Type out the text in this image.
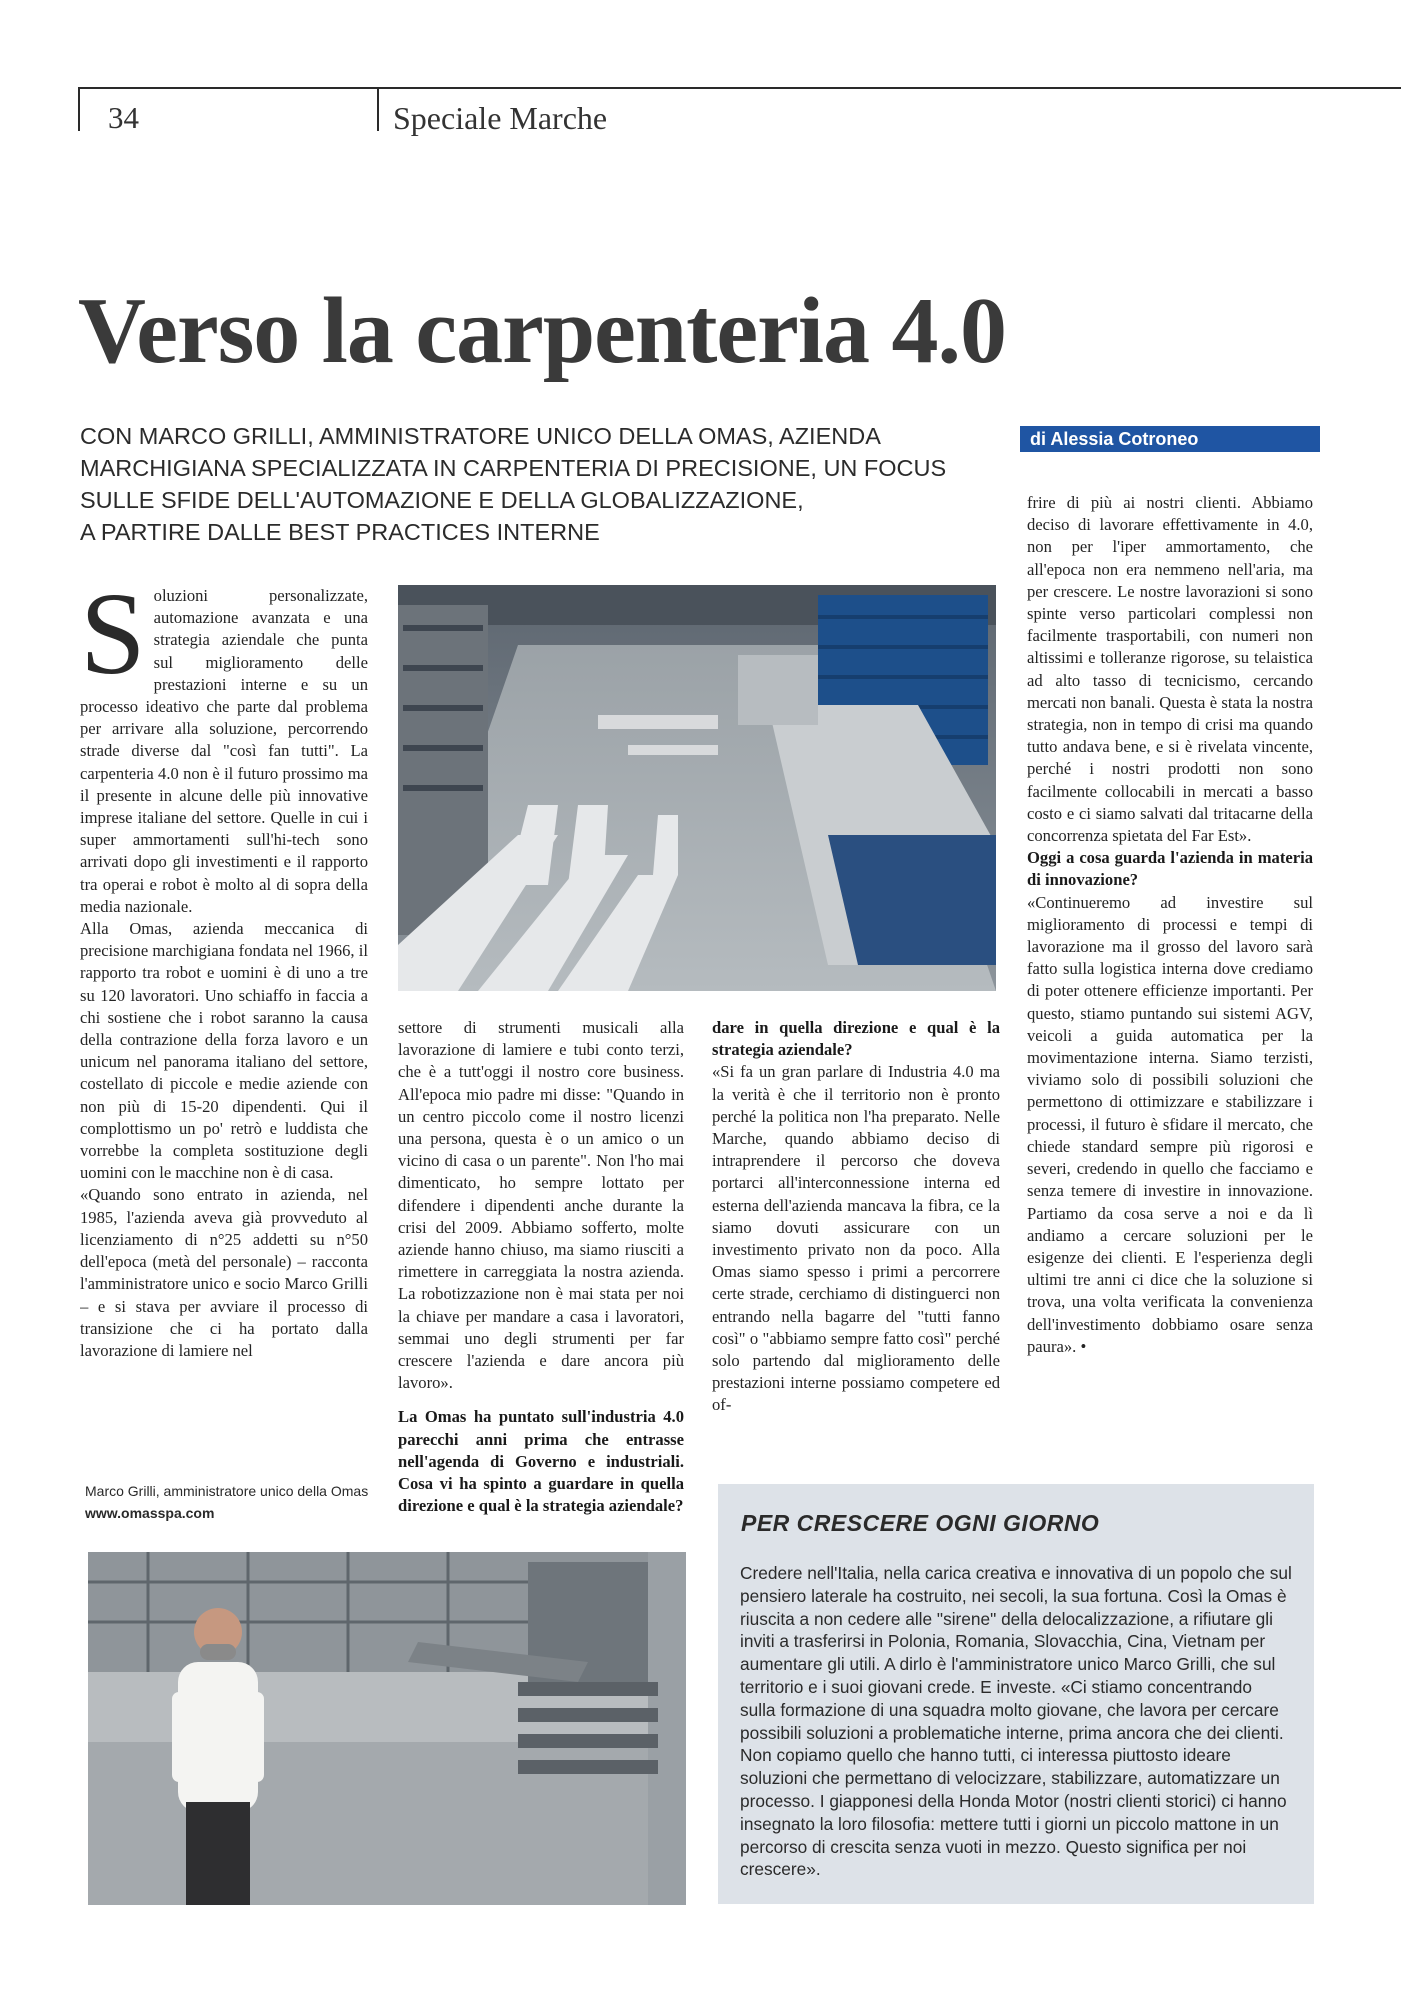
34	Speciale Marche
Verso la carpenteria 4.0

CON MARCO GRILLI, AMMINISTRATORE UNICO DELLA OMAS, AZIENDA

MARCHIGIANA SPECIALIZZATA IN CARPENTERIA DI PRECISIONE, UN FOCUS

SULLE SFIDE DELL'AUTOMAZIONE E DELLA GLOBALIZZAZIONE,

A PARTIRE DALLE BEST PRACTICES INTERNE

di Alessia Cotroneo

Soluzioni personalizzate, automazione avanzata e una strategia aziendale che punta sul miglioramento delle prestazioni interne e su un processo ideativo che parte dal problema per arrivare alla soluzione, percorrendo strade diverse dal "così fan tutti". La carpenteria 4.0 non è il futuro prossimo ma il presente in alcune delle più innovative imprese italiane del settore. Quelle in cui i super ammortamenti sull'hi-tech sono arrivati dopo gli investimenti e il rapporto tra operai e robot è molto al di sopra della media nazionale.

Alla Omas, azienda meccanica di precisione marchigiana fondata nel 1966, il rapporto tra robot e uomini è di uno a tre su 120 lavoratori. Uno schiaffo in faccia a chi sostiene che i robot saranno la causa della contrazione della forza lavoro e un unicum nel panorama italiano del settore, costellato di piccole e medie aziende con non più di 15-20 dipendenti. Qui il complottismo un po' retrò e luddista che vorrebbe la completa sostituzione degli uomini con le macchine non è di casa.

«Quando sono entrato in azienda, nel 1985, l'azienda aveva già provveduto al licenziamento di n°25 addetti su n°50 dell'epoca (metà del personale) – racconta l'amministratore unico e socio Marco Grilli – e si stava per avviare il processo di transizione che ci ha portato dalla lavorazione di lamiere nel

settore di strumenti musicali alla lavorazione di lamiere e tubi conto terzi, che è a tutt'oggi il nostro core business. All'epoca mio padre mi disse: "Quando in un centro piccolo come il nostro licenzi una persona, questa è o un amico o un vicino di casa o un parente". Non l'ho mai dimenticato, ho sempre lottato per difendere i dipendenti anche durante la crisi del 2009. Abbiamo sofferto, molte aziende hanno chiuso, ma siamo riusciti a rimettere in carreggiata la nostra azienda. La robotizzazione non è mai stata per noi la chiave per mandare a casa i lavoratori, semmai uno degli strumenti per far crescere l'azienda e dare ancora più lavoro».

La Omas ha puntato sull'industria 4.0 parecchi anni prima che entrasse nell'agenda di Governo e industriali. Cosa vi ha spinto a guardare in quella direzione e qual è la strategia aziendale?

dare in quella direzione e qual è la strategia aziendale?

«Si fa un gran parlare di Industria 4.0 ma la verità è che il territorio non è pronto perché la politica non l'ha preparato. Nelle Marche, quando abbiamo deciso di intraprendere il percorso che doveva portarci all'interconnessione interna ed esterna dell'azienda mancava la fibra, ce la siamo dovuti assicurare con un investimento privato non da poco. Alla Omas siamo spesso i primi a percorrere certe strade, cerchiamo di distinguerci non entrando nella bagarre del "tutti fanno così" o "abbiamo sempre fatto così" perché solo partendo dal miglioramento delle prestazioni interne possiamo competere ed of-

frire di più ai nostri clienti. Abbiamo deciso di lavorare effettivamente in 4.0, non per l'iper ammortamento, che all'epoca non era nemmeno nell'aria, ma per crescere. Le nostre lavorazioni si sono spinte verso particolari complessi non facilmente trasportabili, con numeri non altissimi e tolleranze rigorose, su telaistica ad alto tasso di tecnicismo, cercando mercati non banali. Questa è stata la nostra strategia, non in tempo di crisi ma quando tutto andava bene, e si è rivelata vincente, perché i nostri prodotti non sono facilmente collocabili in mercati a basso costo e ci siamo salvati dal tritacarne della concorrenza spietata del Far Est».

Oggi a cosa guarda l'azienda in materia di innovazione?

«Continueremo ad investire sul miglioramento di processi e tempi di lavorazione ma il grosso del lavoro sarà fatto sulla logistica interna dove crediamo di poter ottenere efficienze importanti. Per questo, stiamo puntando sui sistemi AGV, veicoli a guida automatica per la movimentazione interna. Siamo terzisti, viviamo solo di possibili soluzioni che permettono di ottimizzare e stabilizzare i processi, il futuro è sfidare il mercato, che chiede standard sempre più rigorosi e severi, credendo in quello che facciamo e senza temere di investire in innovazione. Partiamo da cosa serve a noi e da lì andiamo a cercare soluzioni per le esigenze dei clienti. E l'esperienza degli ultimi tre anni ci dice che la soluzione si trova, una volta verificata la convenienza dell'investimento dobbiamo osare senza paura». •

Marco Grilli, amministratore unico della Omas
www.omasspa.com	PER CRESCERE OGNI GIORNO
Credere nell'Italia, nella carica creativa e innovativa di un popolo che sul pensiero laterale ha costruito, nei secoli, la sua fortuna. Così la Omas è riuscita a non cedere alle "sirene" della delocalizzazione, a rifiutare gli inviti a trasferirsi in Polonia, Romania, Slovacchia, Cina, Vietnam per aumentare gli utili. A dirlo è l'amministratore unico Marco Grilli, che sul territorio e i suoi giovani crede. E investe. «Ci stiamo concentrando sulla formazione di una squadra molto giovane, che lavora per cercare possibili soluzioni a problematiche interne, prima ancora che dei clienti. Non copiamo quello che hanno tutti, ci interessa piuttosto ideare soluzioni che permettano di velocizzare, stabilizzare, automatizzare un processo. I giapponesi della Honda Motor (nostri clienti storici) ci hanno insegnato la loro filosofia: mettere tutti i giorni un piccolo mattone in un percorso di crescita senza vuoti in mezzo. Questo significa per noi crescere».
